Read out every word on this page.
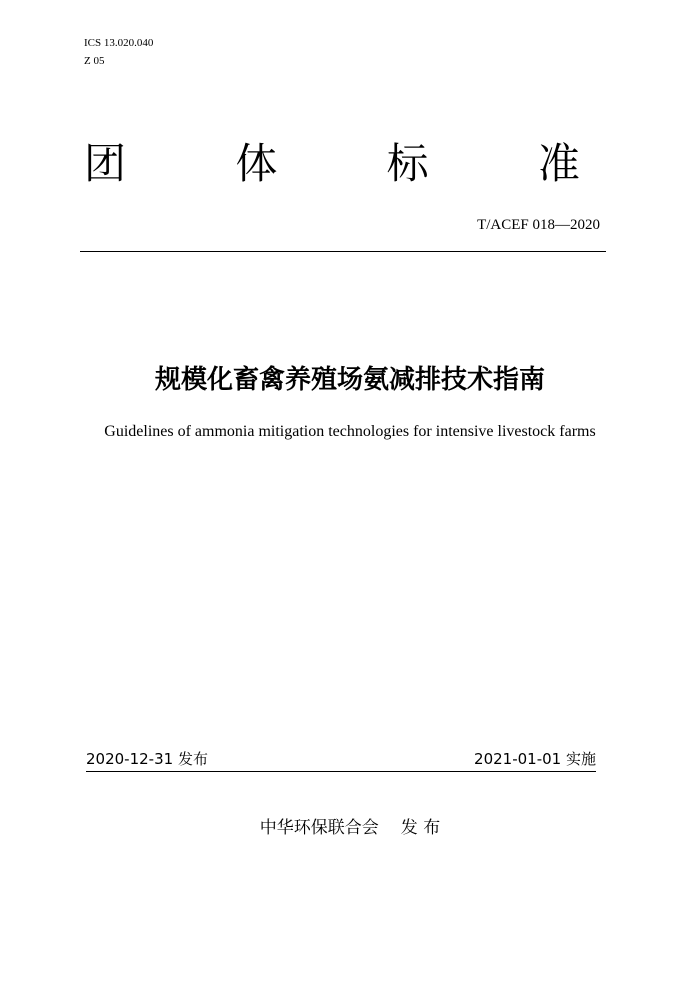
ICS 13.020.040
Z 05
团	体	标	准
T/ACEF 018—2020
规模化畜禽养殖场氨减排技术指南
Guidelines of ammonia mitigation technologies for intensive livestock farms
2020-12-31 发布	2021-01-01 实施
中华环保联合会 发 布
